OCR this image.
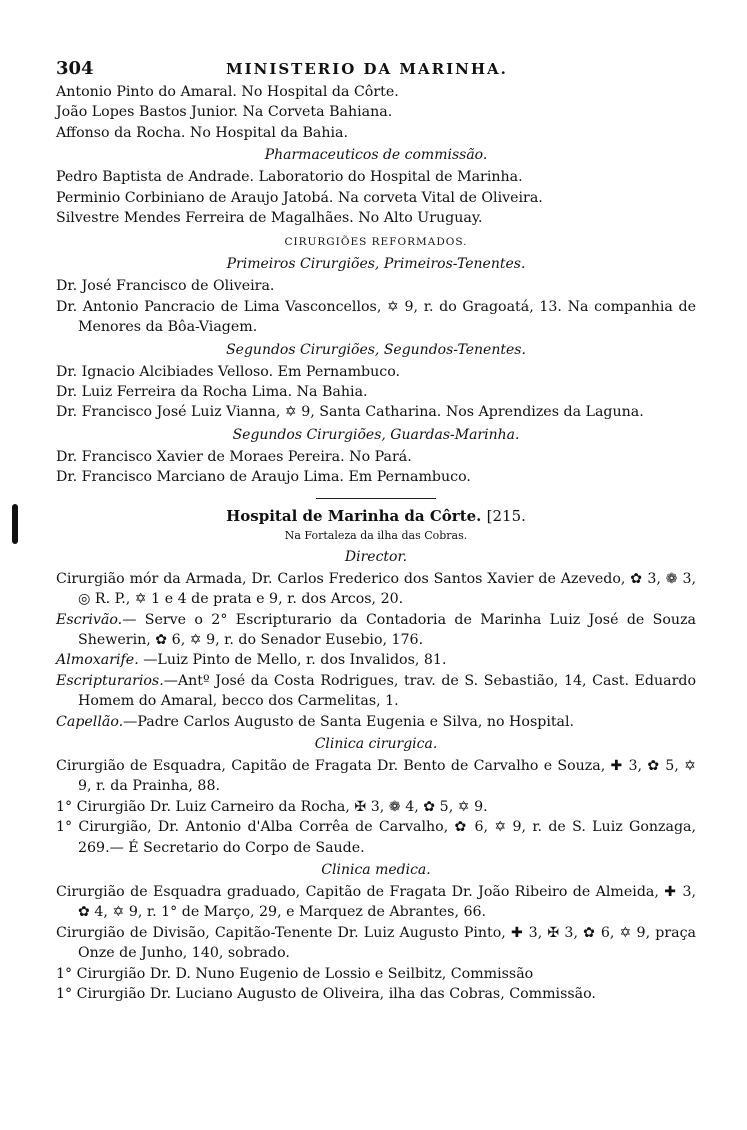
304	MINISTERIO DA MARINHA.

Antonio Pinto do Amaral. No Hospital da Côrte.

João Lopes Bastos Junior. Na Corveta Bahiana.

Affonso da Rocha. No Hospital da Bahia.

Pharmaceuticos de commissão.

Pedro Baptista de Andrade. Laboratorio do Hospital de Marinha.

Perminio Corbiniano de Araujo Jatobá. Na corveta Vital de Oliveira.

Silvestre Mendes Ferreira de Magalhães. No Alto Uruguay.

CIRURGIÕES REFORMADOS.

Primeiros Cirurgiões, Primeiros-Tenentes.

Dr. José Francisco de Oliveira.

Dr. Antonio Pancracio de Lima Vasconcellos, ✡ 9, r. do Gragoatá, 13. Na companhia de Menores da Bôa-Viagem.

Segundos Cirurgiões, Segundos-Tenentes.

Dr. Ignacio Alcibiades Velloso. Em Pernambuco.

Dr. Luiz Ferreira da Rocha Lima. Na Bahia.

Dr. Francisco José Luiz Vianna, ✡ 9, Santa Catharina. Nos Aprendizes da Laguna.

Segundos Cirurgiões, Guardas-Marinha.

Dr. Francisco Xavier de Moraes Pereira. No Pará.

Dr. Francisco Marciano de Araujo Lima. Em Pernambuco.

Hospital de Marinha da Côrte. [215.

Na Fortaleza da ilha das Cobras.

Director.

Cirurgião mór da Armada, Dr. Carlos Frederico dos Santos Xavier de Azevedo, ✿ 3, ❁ 3, ◎ R. P., ✡ 1 e 4 de prata e 9, r. dos Arcos, 20.

Escrivão.— Serve o 2° Escripturario da Contadoria de Marinha Luiz José de Souza Shewerin, ✿ 6, ✡ 9, r. do Senador Eusebio, 176.

Almoxarife. —Luiz Pinto de Mello, r. dos Invalidos, 81.

Escripturarios.—Antº José da Costa Rodrigues, trav. de S. Sebastião, 14, Cast. Eduardo Homem do Amaral, becco dos Carmelitas, 1.

Capellão.—Padre Carlos Augusto de Santa Eugenia e Silva, no Hospital.

Clinica cirurgica.

Cirurgião de Esquadra, Capitão de Fragata Dr. Bento de Carvalho e Souza, ✚ 3, ✿ 5, ✡ 9, r. da Prainha, 88.

1° Cirurgião Dr. Luiz Carneiro da Rocha, ✠ 3, ❁ 4, ✿ 5, ✡ 9.

1° Cirurgião, Dr. Antonio d'Alba Corrêa de Carvalho, ✿ 6, ✡ 9, r. de S. Luiz Gonzaga, 269.— É Secretario do Corpo de Saude.

Clinica medica.

Cirurgião de Esquadra graduado, Capitão de Fragata Dr. João Ribeiro de Almeida, ✚ 3, ✿ 4, ✡ 9, r. 1° de Março, 29, e Marquez de Abrantes, 66.

Cirurgião de Divisão, Capitão-Tenente Dr. Luiz Augusto Pinto, ✚ 3, ✠ 3, ✿ 6, ✡ 9, praça Onze de Junho, 140, sobrado.

1° Cirurgião Dr. D. Nuno Eugenio de Lossio e Seilbitz, Commissão

1° Cirurgião Dr. Luciano Augusto de Oliveira, ilha das Cobras, Commissão.
